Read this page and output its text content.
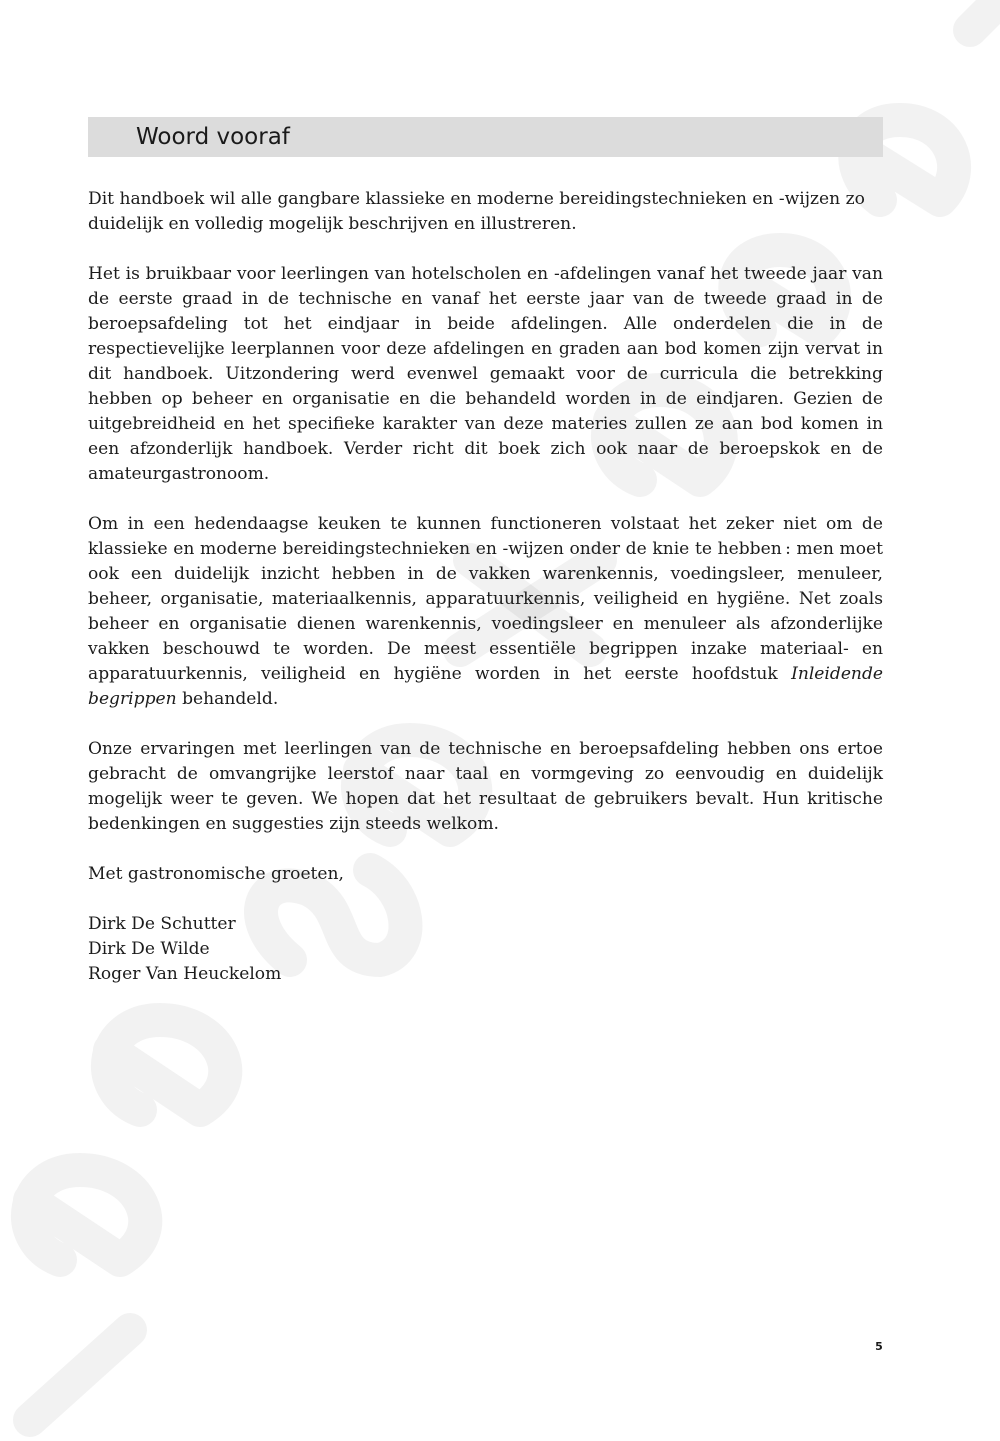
Woord vooraf

Dit handboek wil alle gangbare klassieke en moderne bereidingstechnieken en -wijzen zo duidelijk en volledig mogelijk beschrijven en illustreren.

Het is bruikbaar voor leerlingen van hotelscholen en -afdelingen vanaf het tweede jaar van de eerste graad in de technische en vanaf het eerste jaar van de tweede graad in de beroepsafdeling tot het eindjaar in beide afdelingen. Alle onderdelen die in de respectievelijke leerplannen voor deze afdelingen en graden aan bod komen zijn vervat in dit handboek. Uitzondering werd evenwel gemaakt voor de curricula die betrekking hebben op beheer en organisatie en die behandeld worden in de eindjaren. Gezien de uitgebreidheid en het specifieke karakter van deze materies zullen ze aan bod komen in een afzonderlijk handboek. Verder richt dit boek zich ook naar de beroepskok en de amateurgastronoom.

Om in een hedendaagse keuken te kunnen functioneren volstaat het zeker niet om de klassieke en moderne bereidingstechnieken en -wijzen onder de knie te hebben : men moet ook een duidelijk inzicht hebben in de vakken warenkennis, voedingsleer, menuleer, beheer, organisatie, materiaalkennis, apparatuurkennis, veiligheid en hygiëne. Net zoals beheer en organisatie dienen warenkennis, voedingsleer en menuleer als afzonderlijke vakken beschouwd te worden. De meest essentiële begrippen inzake materiaal- en apparatuurkennis, veiligheid en hygiëne worden in het eerste hoofdstuk Inleidende begrippen behandeld.

Onze ervaringen met leerlingen van de technische en beroepsafdeling hebben ons ertoe gebracht de omvangrijke leerstof naar taal en vormgeving zo eenvoudig en duidelijk mogelijk weer te geven. We hopen dat het resultaat de gebruikers bevalt. Hun kritische bedenkingen en suggesties zijn steeds welkom.

Met gastronomische groeten,
Dirk De Schutter
Dirk De Wilde
Roger Van Heuckelom
5
